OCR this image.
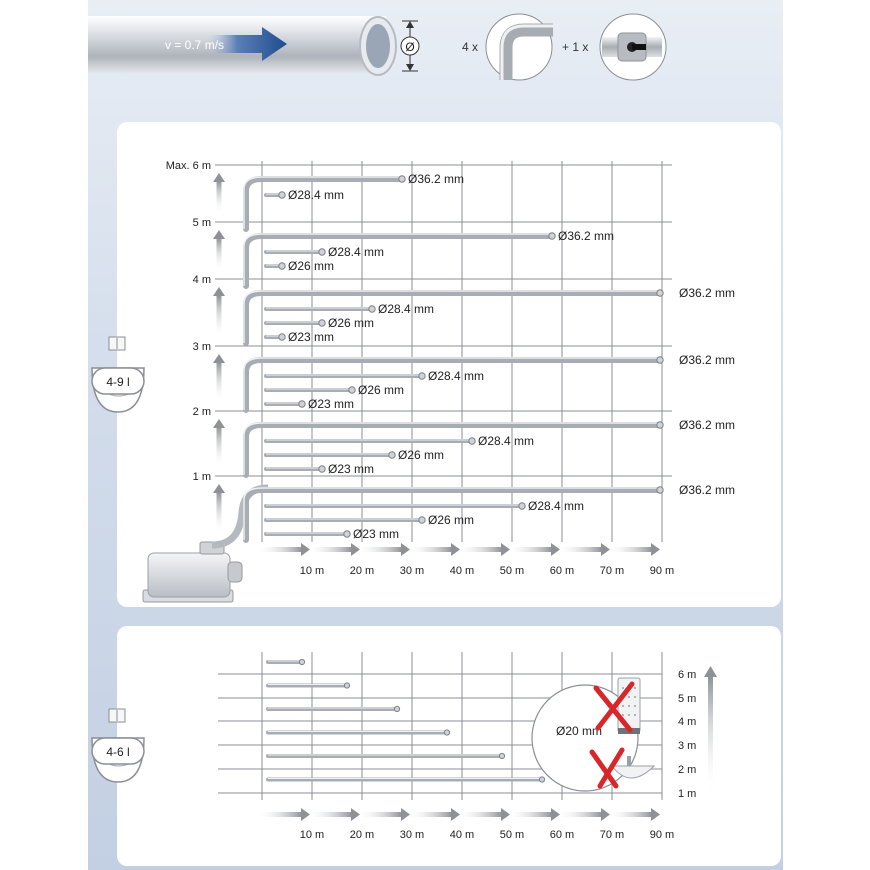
v = 0.7 m/s	Ø	4 x	+ 1 x
Max. 6 m
5 m
4 m
3 m
2 m
1 m
10 m 20 m 30 m 40 m 50 m 60 m 70 m 90 m
Ø36.2 mm
Ø28.4 mm
Ø36.2 mm
Ø28.4 mm
Ø26 mm
Ø36.2 mm
Ø28.4 mm
Ø26 mm
Ø23 mm
Ø36.2 mm
Ø28.4 mm
Ø26 mm
Ø23 mm
Ø36.2 mm
Ø28.4 mm
Ø26 mm
Ø23 mm
Ø36.2 mm
Ø28.4 mm
Ø26 mm
Ø23 mm
6 m
5 m
4 m
3 m
2 m
1 m
10 m 20 m 30 m 40 m 50 m 60 m 70 m 90 m
Ø20 mm
4-9 l
4-6 l
